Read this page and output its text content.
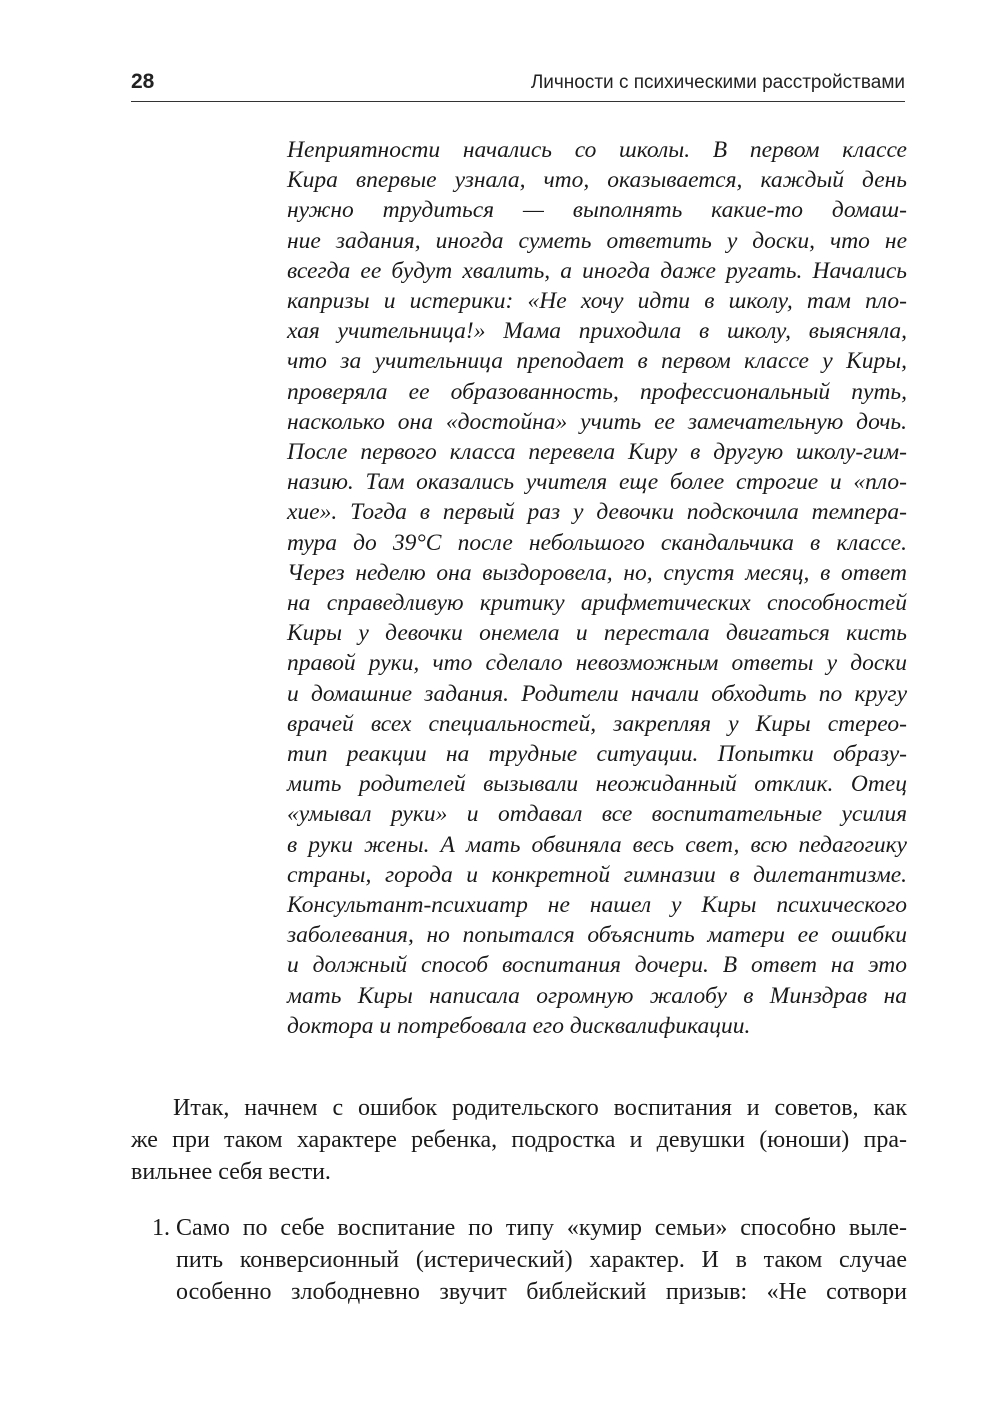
28	Личности с психическими расстройствами
Неприятности начались со школы. В первом классе
Кира впервые узнала, что, оказывается, каждый день
нужно трудиться — выполнять какие-то домаш-
ние задания, иногда суметь ответить у доски, что не
всегда ее будут хвалить, а иногда даже ругать. Начались
капризы и истерики: «Не хочу идти в школу, там пло-
хая учительница!» Мама приходила в школу, выясняла,
что за учительница преподает в первом классе у Киры,
проверяла ее образованность, профессиональный путь,
насколько она «достойна» учить ее замечательную дочь.
После первого класса перевела Киру в другую школу-гим-
назию. Там оказались учителя еще более строгие и «пло-
хие». Тогда в первый раз у девочки подскочила темпера-
тура до 39°С после небольшого скандальчика в классе.
Через неделю она выздоровела, но, спустя месяц, в ответ
на справедливую критику арифметических способностей
Киры у девочки онемела и перестала двигаться кисть
правой руки, что сделало невозможным ответы у доски
и домашние задания. Родители начали обходить по кругу
врачей всех специальностей, закрепляя у Киры стерео-
тип реакции на трудные ситуации. Попытки образу-
мить родителей вызывали неожиданный отклик. Отец
«умывал руки» и отдавал все воспитательные усилия
в руки жены. А мать обвиняла весь свет, всю педагогику
страны, города и конкретной гимназии в дилетантизме.
Консультант-психиатр не нашел у Киры психического
заболевания, но попытался объяснить матери ее ошибки
и должный способ воспитания дочери. В ответ на это
мать Киры написала огромную жалобу в Минздрав на
доктора и потребовала его дисквалификации.
Итак, начнем с ошибок родительского воспитания и советов, как
же при таком характере ребенка, подростка и девушки (юноши) пра-
вильнее себя вести.
1. Само по себе воспитание по типу «кумир семьи» способно выле-
пить конверсионный (истерический) характер. И в таком случае
особенно злободневно звучит библейский призыв: «Не сотвори
